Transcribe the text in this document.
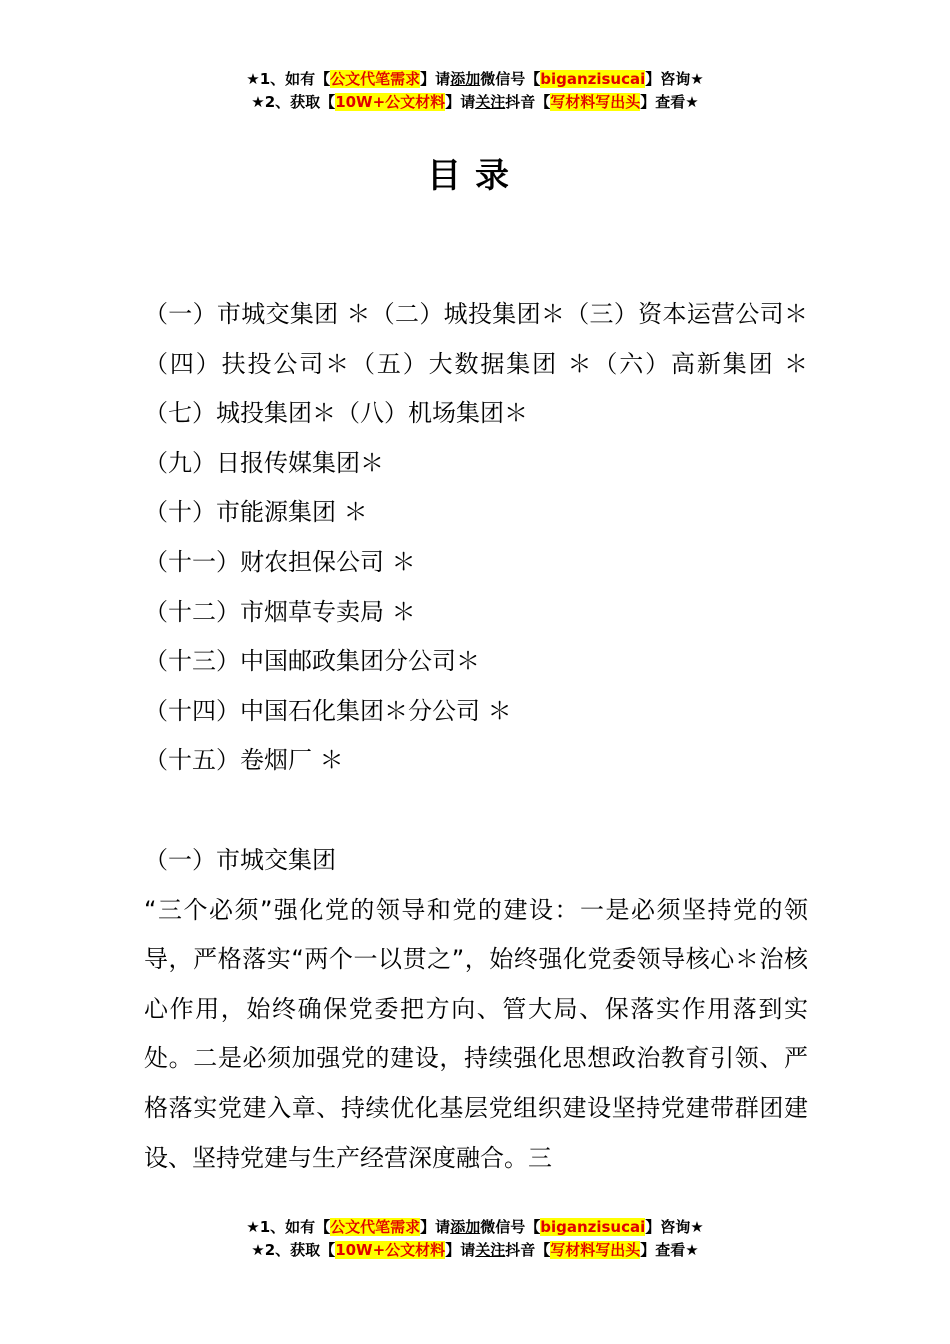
★1、如有【公文代笔需求】请添加微信号【biganzisucai】咨询★
★2、获取【10W+公文材料】请关注抖音【写材料写出头】查看★
目录
（一）市城交集团 ＊（二）城投集团＊（三）资本运营公司＊（四）扶投公司＊（五）大数据集团 ＊（六）高新集团 ＊（七）城投集团＊（八）机场集团＊
（九）日报传媒集团＊
（十）市能源集团 ＊
（十一）财农担保公司 ＊
（十二）市烟草专卖局 ＊
（十三）中国邮政集团分公司＊
（十四）中国石化集团＊分公司 ＊
（十五）卷烟厂 ＊
（一）市城交集团
“三个必须”强化党的领导和党的建设：一是必须坚持党的领导，严格落实“两个一以贯之”，始终强化党委领导核心＊治核心作用，始终确保党委把方向、管大局、保落实作用落到实处。二是必须加强党的建设，持续强化思想政治教育引领、严格落实党建入章、持续优化基层党组织建设坚持党建带群团建设、坚持党建与生产经营深度融合。三
★1、如有【公文代笔需求】请添加微信号【biganzisucai】咨询★
★2、获取【10W+公文材料】请关注抖音【写材料写出头】查看★
